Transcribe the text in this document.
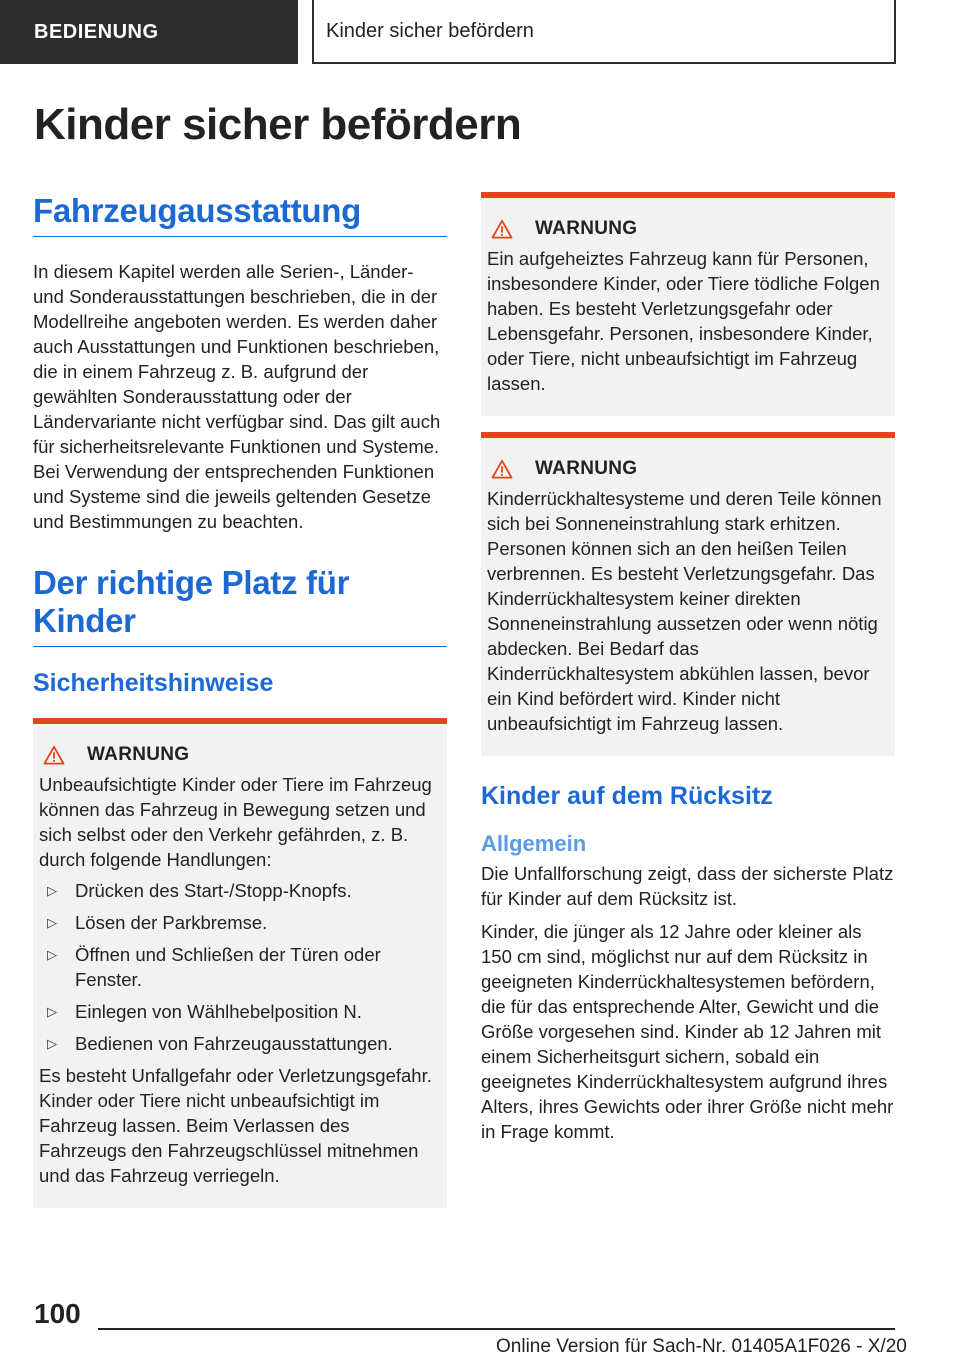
BEDIENUNG	Kinder sicher befördern
Kinder sicher befördern
Fahrzeugausstattung

In diesem Kapitel werden alle Serien-, Länder- und Sonderausstattungen beschrieben, die in der Modellreihe angeboten werden. Es werden daher auch Ausstattungen und Funktionen beschrieben, die in einem Fahrzeug z. B. aufgrund der gewählten Sonderausstattung oder der Ländervariante nicht verfügbar sind. Das gilt auch für sicherheitsrelevante Funktionen und Systeme. Bei Verwendung der entsprechenden Funktionen und Systeme sind die jeweils geltenden Gesetze und Bestimmungen zu beachten.

Der richtige Platz für Kinder
Sicherheitshinweise
WARNUNG

Unbeaufsichtigte Kinder oder Tiere im Fahrzeug können das Fahrzeug in Bewegung setzen und sich selbst oder den Verkehr gefährden, z. B. durch folgende Handlungen:

▷ Drücken des Start-/Stopp-Knopfs.
▷ Lösen der Parkbremse.
▷ Öffnen und Schließen der Türen oder Fenster.
▷ Einlegen von Wählhebelposition N.
▷ Bedienen von Fahrzeugausstattungen.

Es besteht Unfallgefahr oder Verletzungsgefahr. Kinder oder Tiere nicht unbeaufsichtigt im Fahrzeug lassen. Beim Verlassen des Fahrzeugs den Fahrzeugschlüssel mitnehmen und das Fahrzeug verriegeln.

WARNUNG

Ein aufgeheiztes Fahrzeug kann für Personen, insbesondere Kinder, oder Tiere tödliche Folgen haben. Es besteht Verletzungsgefahr oder Lebensgefahr. Personen, insbesondere Kinder, oder Tiere, nicht unbeaufsichtigt im Fahrzeug lassen.

WARNUNG

Kinderrückhaltesysteme und deren Teile können sich bei Sonneneinstrahlung stark erhitzen. Personen können sich an den heißen Teilen verbrennen. Es besteht Verletzungsgefahr. Das Kinderrückhaltesystem keiner direkten Sonneneinstrahlung aussetzen oder wenn nötig abdecken. Bei Bedarf das Kinderrückhaltesystem abkühlen lassen, bevor ein Kind befördert wird. Kinder nicht unbeaufsichtigt im Fahrzeug lassen.

Kinder auf dem Rücksitz
Allgemein

Die Unfallforschung zeigt, dass der sicherste Platz für Kinder auf dem Rücksitz ist.

Kinder, die jünger als 12 Jahre oder kleiner als 150 cm sind, möglichst nur auf dem Rücksitz in geeigneten Kinderrückhaltesystemen befördern, die für das entsprechende Alter, Gewicht und die Größe vorgesehen sind. Kinder ab 12 Jahren mit einem Sicherheitsgurt sichern, sobald ein geeignetes Kinderrückhaltesystem aufgrund ihres Alters, ihres Gewichts oder ihrer Größe nicht mehr in Frage kommt.

100
Online Version für Sach-Nr. 01405A1F026 - X/20
